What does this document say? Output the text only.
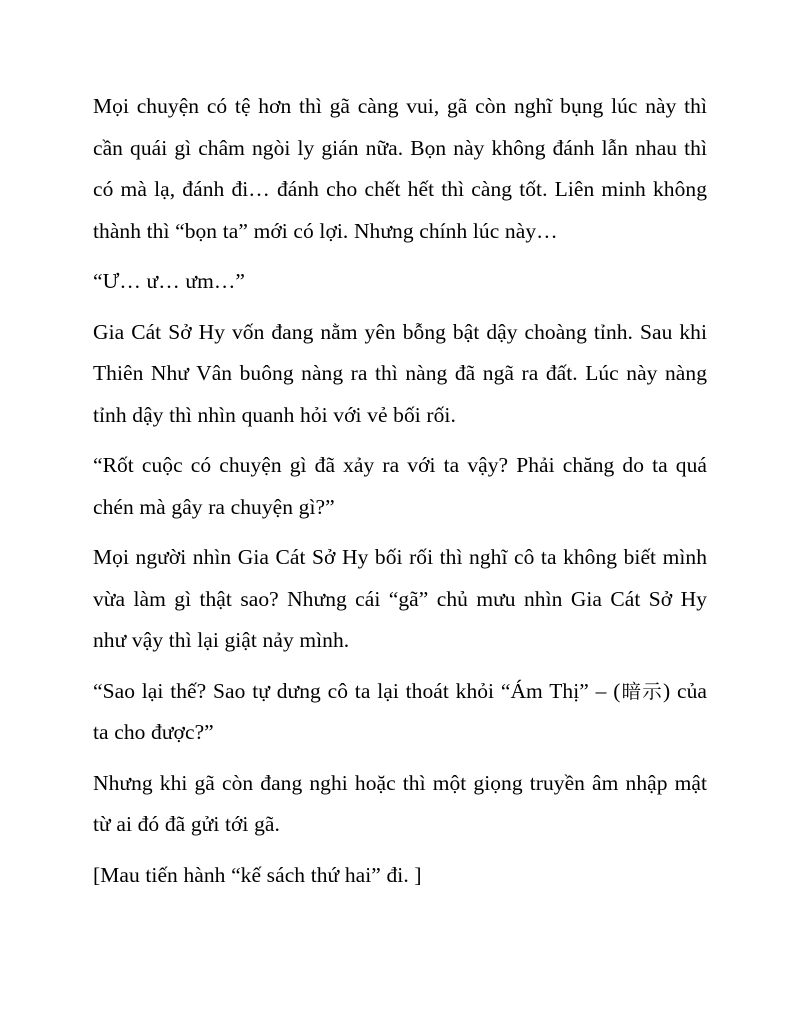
Mọi chuyện có tệ hơn thì gã càng vui, gã còn nghĩ bụng lúc này thì cần quái gì châm ngòi ly gián nữa. Bọn này không đánh lẫn nhau thì có mà lạ, đánh đi… đánh cho chết hết thì càng tốt. Liên minh không thành thì “bọn ta” mới có lợi. Nhưng chính lúc này…

“Ư… ư… ưm…”

Gia Cát Sở Hy vốn đang nằm yên bỗng bật dậy choàng tỉnh. Sau khi Thiên Như Vân buông nàng ra thì nàng đã ngã ra đất. Lúc này nàng tỉnh dậy thì nhìn quanh hỏi với vẻ bối rối.

“Rốt cuộc có chuyện gì đã xảy ra với ta vậy? Phải chăng do ta quá chén mà gây ra chuyện gì?”

Mọi người nhìn Gia Cát Sở Hy bối rối thì nghĩ cô ta không biết mình vừa làm gì thật sao? Nhưng cái “gã” chủ mưu nhìn Gia Cát Sở Hy như vậy thì lại giật nảy mình.

“Sao lại thế? Sao tự dưng cô ta lại thoát khỏi “Ám Thị” – (暗示) của ta cho được?”

Nhưng khi gã còn đang nghi hoặc thì một giọng truyền âm nhập mật từ ai đó đã gửi tới gã.

[Mau tiến hành “kế sách thứ hai” đi. ]
